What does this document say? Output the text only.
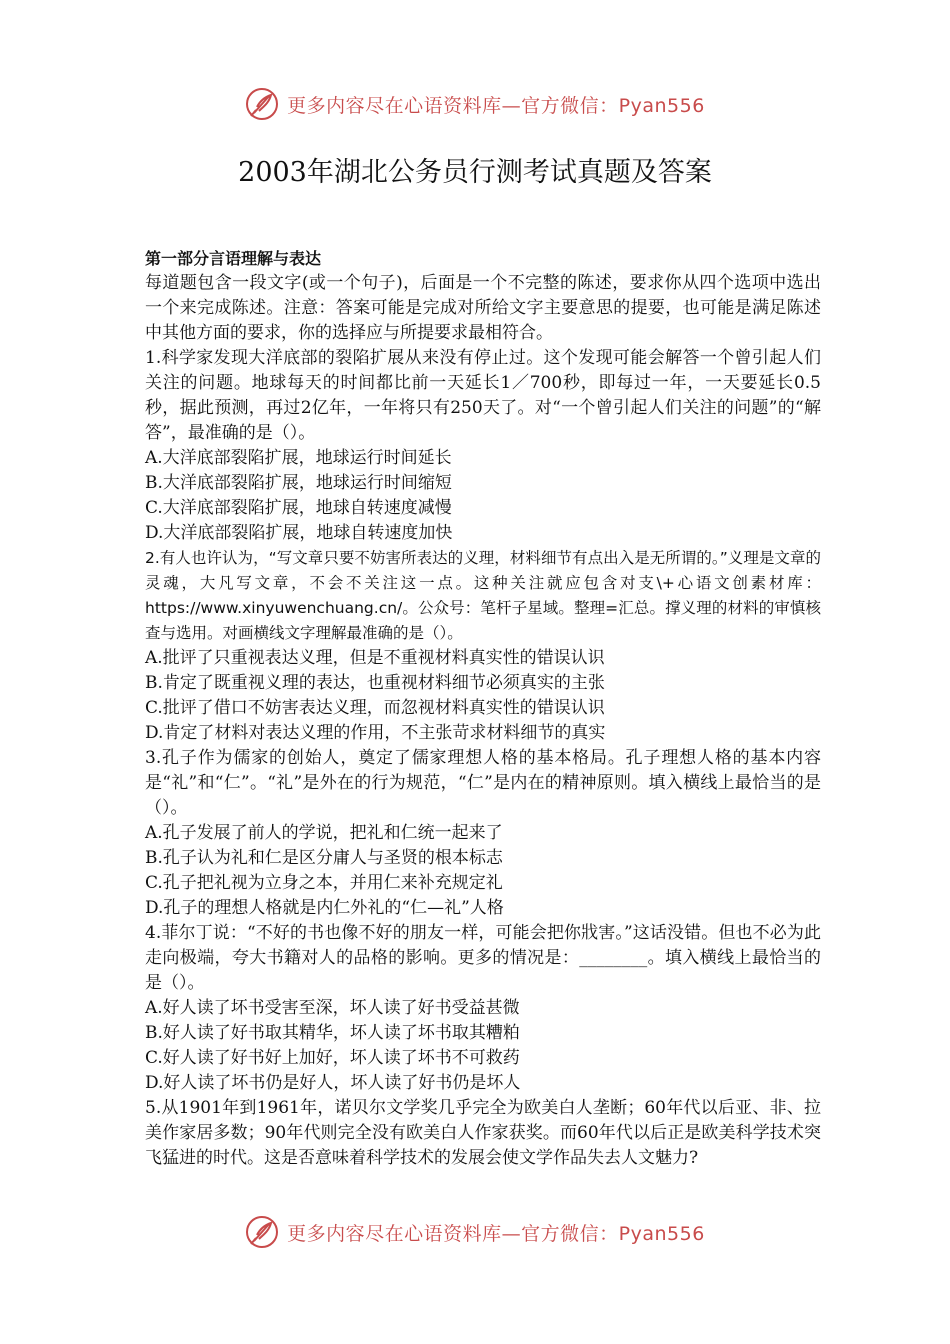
更多内容尽在心语资料库—官方微信：Pyan556
2003年湖北公务员行测考试真题及答案

第一部分言语理解与表达

每道题包含一段文字(或一个句子)，后面是一个不完整的陈述，要求你从四个选项中选出一个来完成陈述。注意：答案可能是完成对所给文字主要意思的提要，也可能是满足陈述中其他方面的要求，你的选择应与所提要求最相符合。

1.科学家发现大洋底部的裂陷扩展从来没有停止过。这个发现可能会解答一个曾引起人们关注的问题。地球每天的时间都比前一天延长1／700秒，即每过一年，一天要延长0.5秒，据此预测，再过2亿年，一年将只有250天了。对“一个曾引起人们关注的问题”的“解答”，最准确的是（）。

A.大洋底部裂陷扩展，地球运行时间延长

B.大洋底部裂陷扩展，地球运行时间缩短

C.大洋底部裂陷扩展，地球自转速度减慢

D.大洋底部裂陷扩展，地球自转速度加快

2.有人也许认为，“写文章只要不妨害所表达的义理，材料细节有点出入是无所谓的。”义理是文章的灵魂，大凡写文章，不会不关注这一点。这种关注就应包含对支\+心语文创素材库：https://www.xinyuwenchuang.cn/。公众号：笔杆子星域。整理=汇总。撑义理的材料的审慎核查与选用。对画横线文字理解最准确的是（）。

A.批评了只重视表达义理，但是不重视材料真实性的错误认识

B.肯定了既重视义理的表达，也重视材料细节必须真实的主张

C.批评了借口不妨害表达义理，而忽视材料真实性的错误认识

D.肯定了材料对表达义理的作用，不主张苛求材料细节的真实

3.孔子作为儒家的创始人，奠定了儒家理想人格的基本格局。孔子理想人格的基本内容是“礼”和“仁”。“礼”是外在的行为规范，“仁”是内在的精神原则。填入横线上最恰当的是（）。

A.孔子发展了前人的学说，把礼和仁统一起来了

B.孔子认为礼和仁是区分庸人与圣贤的根本标志

C.孔子把礼视为立身之本，并用仁来补充规定礼

D.孔子的理想人格就是内仁外礼的“仁—礼”人格

4.菲尔丁说：“不好的书也像不好的朋友一样，可能会把你戕害。”这话没错。但也不必为此走向极端，夸大书籍对人的品格的影响。更多的情况是：________。填入横线上最恰当的是（）。

A.好人读了坏书受害至深，坏人读了好书受益甚微

B.好人读了好书取其精华，坏人读了坏书取其糟粕

C.好人读了好书好上加好，坏人读了坏书不可救药

D.好人读了坏书仍是好人，坏人读了好书仍是坏人

5.从1901年到1961年，诺贝尔文学奖几乎完全为欧美白人垄断；60年代以后亚、非、拉美作家居多数；90年代则完全没有欧美白人作家获奖。而60年代以后正是欧美科学技术突飞猛进的时代。这是否意味着科学技术的发展会使文学作品失去人文魅力?

更多内容尽在心语资料库—官方微信：Pyan556
